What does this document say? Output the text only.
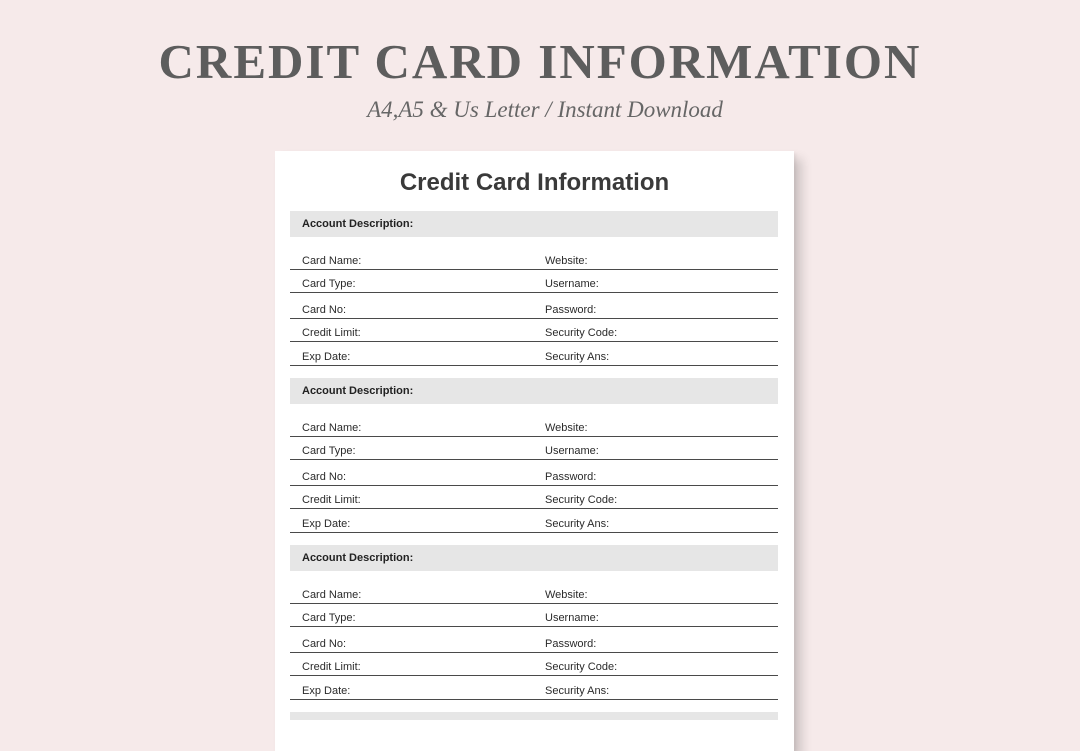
CREDIT CARD INFORMATION
A4,A5 & Us Letter / Instant Download
Credit Card Information
Account Description:
Card Name:	Website:
Card Type:	Username:
Card No:	Password:
Credit Limit:	Security Code:
Exp Date:	Security Ans:
Account Description:
Card Name:	Website:
Card Type:	Username:
Card No:	Password:
Credit Limit:	Security Code:
Exp Date:	Security Ans:
Account Description:
Card Name:	Website:
Card Type:	Username:
Card No:	Password:
Credit Limit:	Security Code:
Exp Date:	Security Ans:
